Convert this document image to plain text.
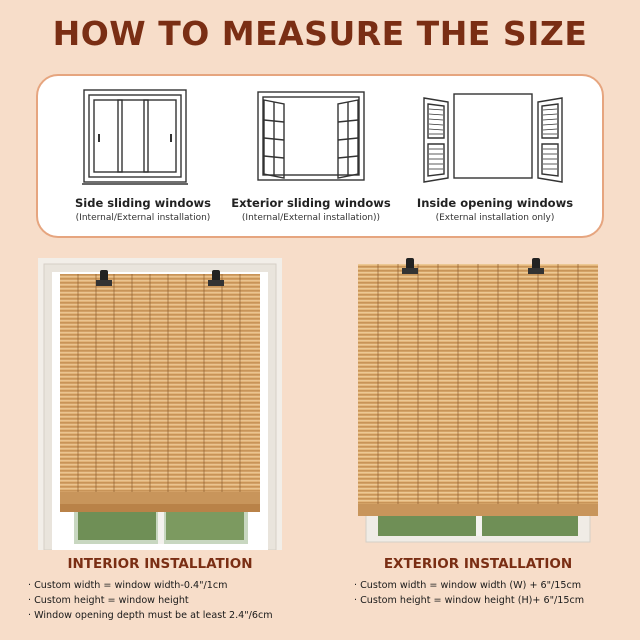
HOW TO MEASURE THE SIZE
Side sliding windows
(Internal/External installation)
Exterior sliding windows
(Internal/External installation))
Inside opening windows
(External installation only)
INTERIOR INSTALLATION
· Custom width = window width-0.4"/1cm
· Custom height = window height
· Window opening depth must be at least 2.4"/6cm
EXTERIOR INSTALLATION
· Custom width = window width (W) + 6"/15cm
· Custom height = window height (H)+ 6"/15cm
